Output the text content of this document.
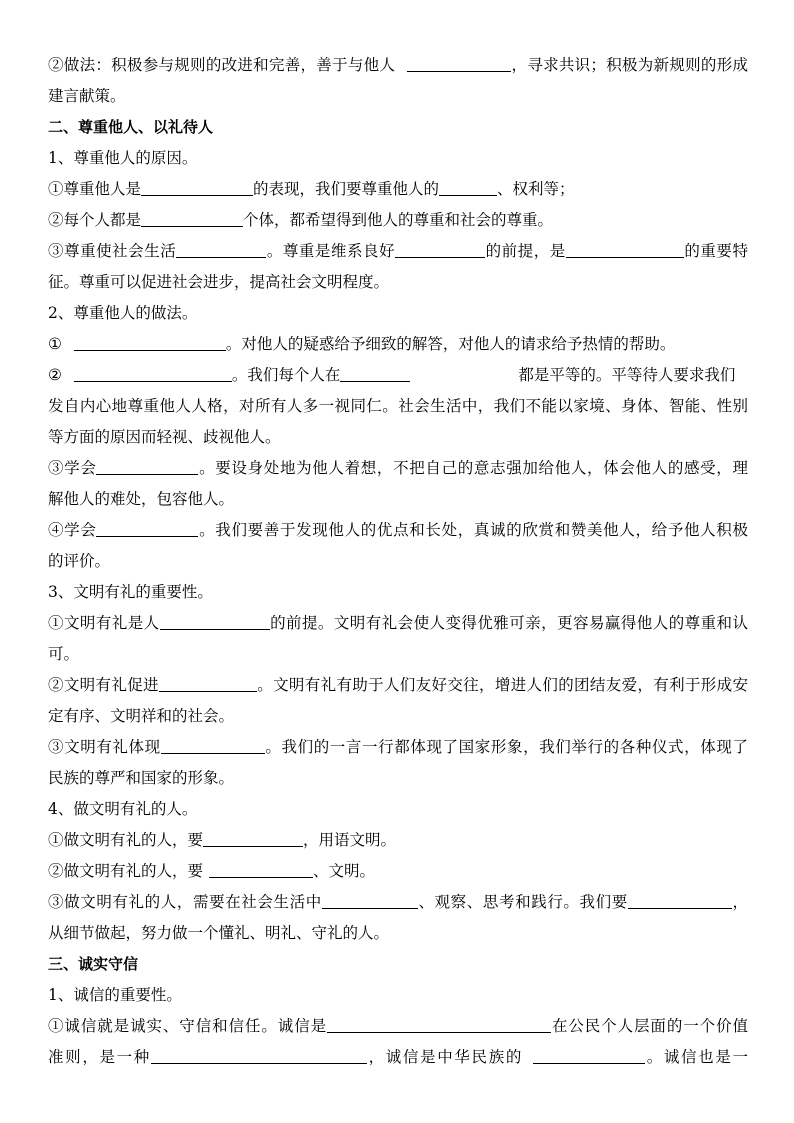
②做法：积极参与规则的改进和完善，善于与他人	，寻求共识；积极为新规则的形成
建言献策。
二、尊重他人、以礼待人
1、尊重他人的原因。
①尊重他人是	的表现，我们要尊重他人的	、权利等；
②每个人都是	个体，都希望得到他人的尊重和社会的尊重。
③尊重使社会生活	。尊重是维系良好	的前提，是	的重要特
征。尊重可以促进社会进步，提高社会文明程度。
2、尊重他人的做法。
①	。对他人的疑惑给予细致的解答，对他人的请求给予热情的帮助。
②	。我们每个人在	都是平等的。平等待人要求我们
发自内心地尊重他人人格，对所有人多一视同仁。社会生活中，我们不能以家境、身体、智能、性别
等方面的原因而轻视、歧视他人。
③学会	。要设身处地为他人着想，不把自己的意志强加给他人，体会他人的感受，理
解他人的难处，包容他人。
④学会	。我们要善于发现他人的优点和长处，真诚的欣赏和赞美他人，给予他人积极
的评价。
3、文明有礼的重要性。
①文明有礼是人	的前提。文明有礼会使人变得优雅可亲，更容易赢得他人的尊重和认
可。
②文明有礼促进	。文明有礼有助于人们友好交往，增进人们的团结友爱，有利于形成安
定有序、文明祥和的社会。
③文明有礼体现	。我们的一言一行都体现了国家形象，我们举行的各种仪式，体现了
民族的尊严和国家的形象。
4、做文明有礼的人。
①做文明有礼的人，要	，用语文明。
②做文明有礼的人，要	、文明。
③做文明有礼的人，需要在社会生活中	、观察、思考和践行。我们要	，
从细节做起，努力做一个懂礼、明礼、守礼的人。
三、诚实守信
1、诚信的重要性。
①诚信就是诚实、守信和信任。诚信是	在公民个人层面的一个价值
准则，是一种	，诚信是中华民族的	。诚信也是一
